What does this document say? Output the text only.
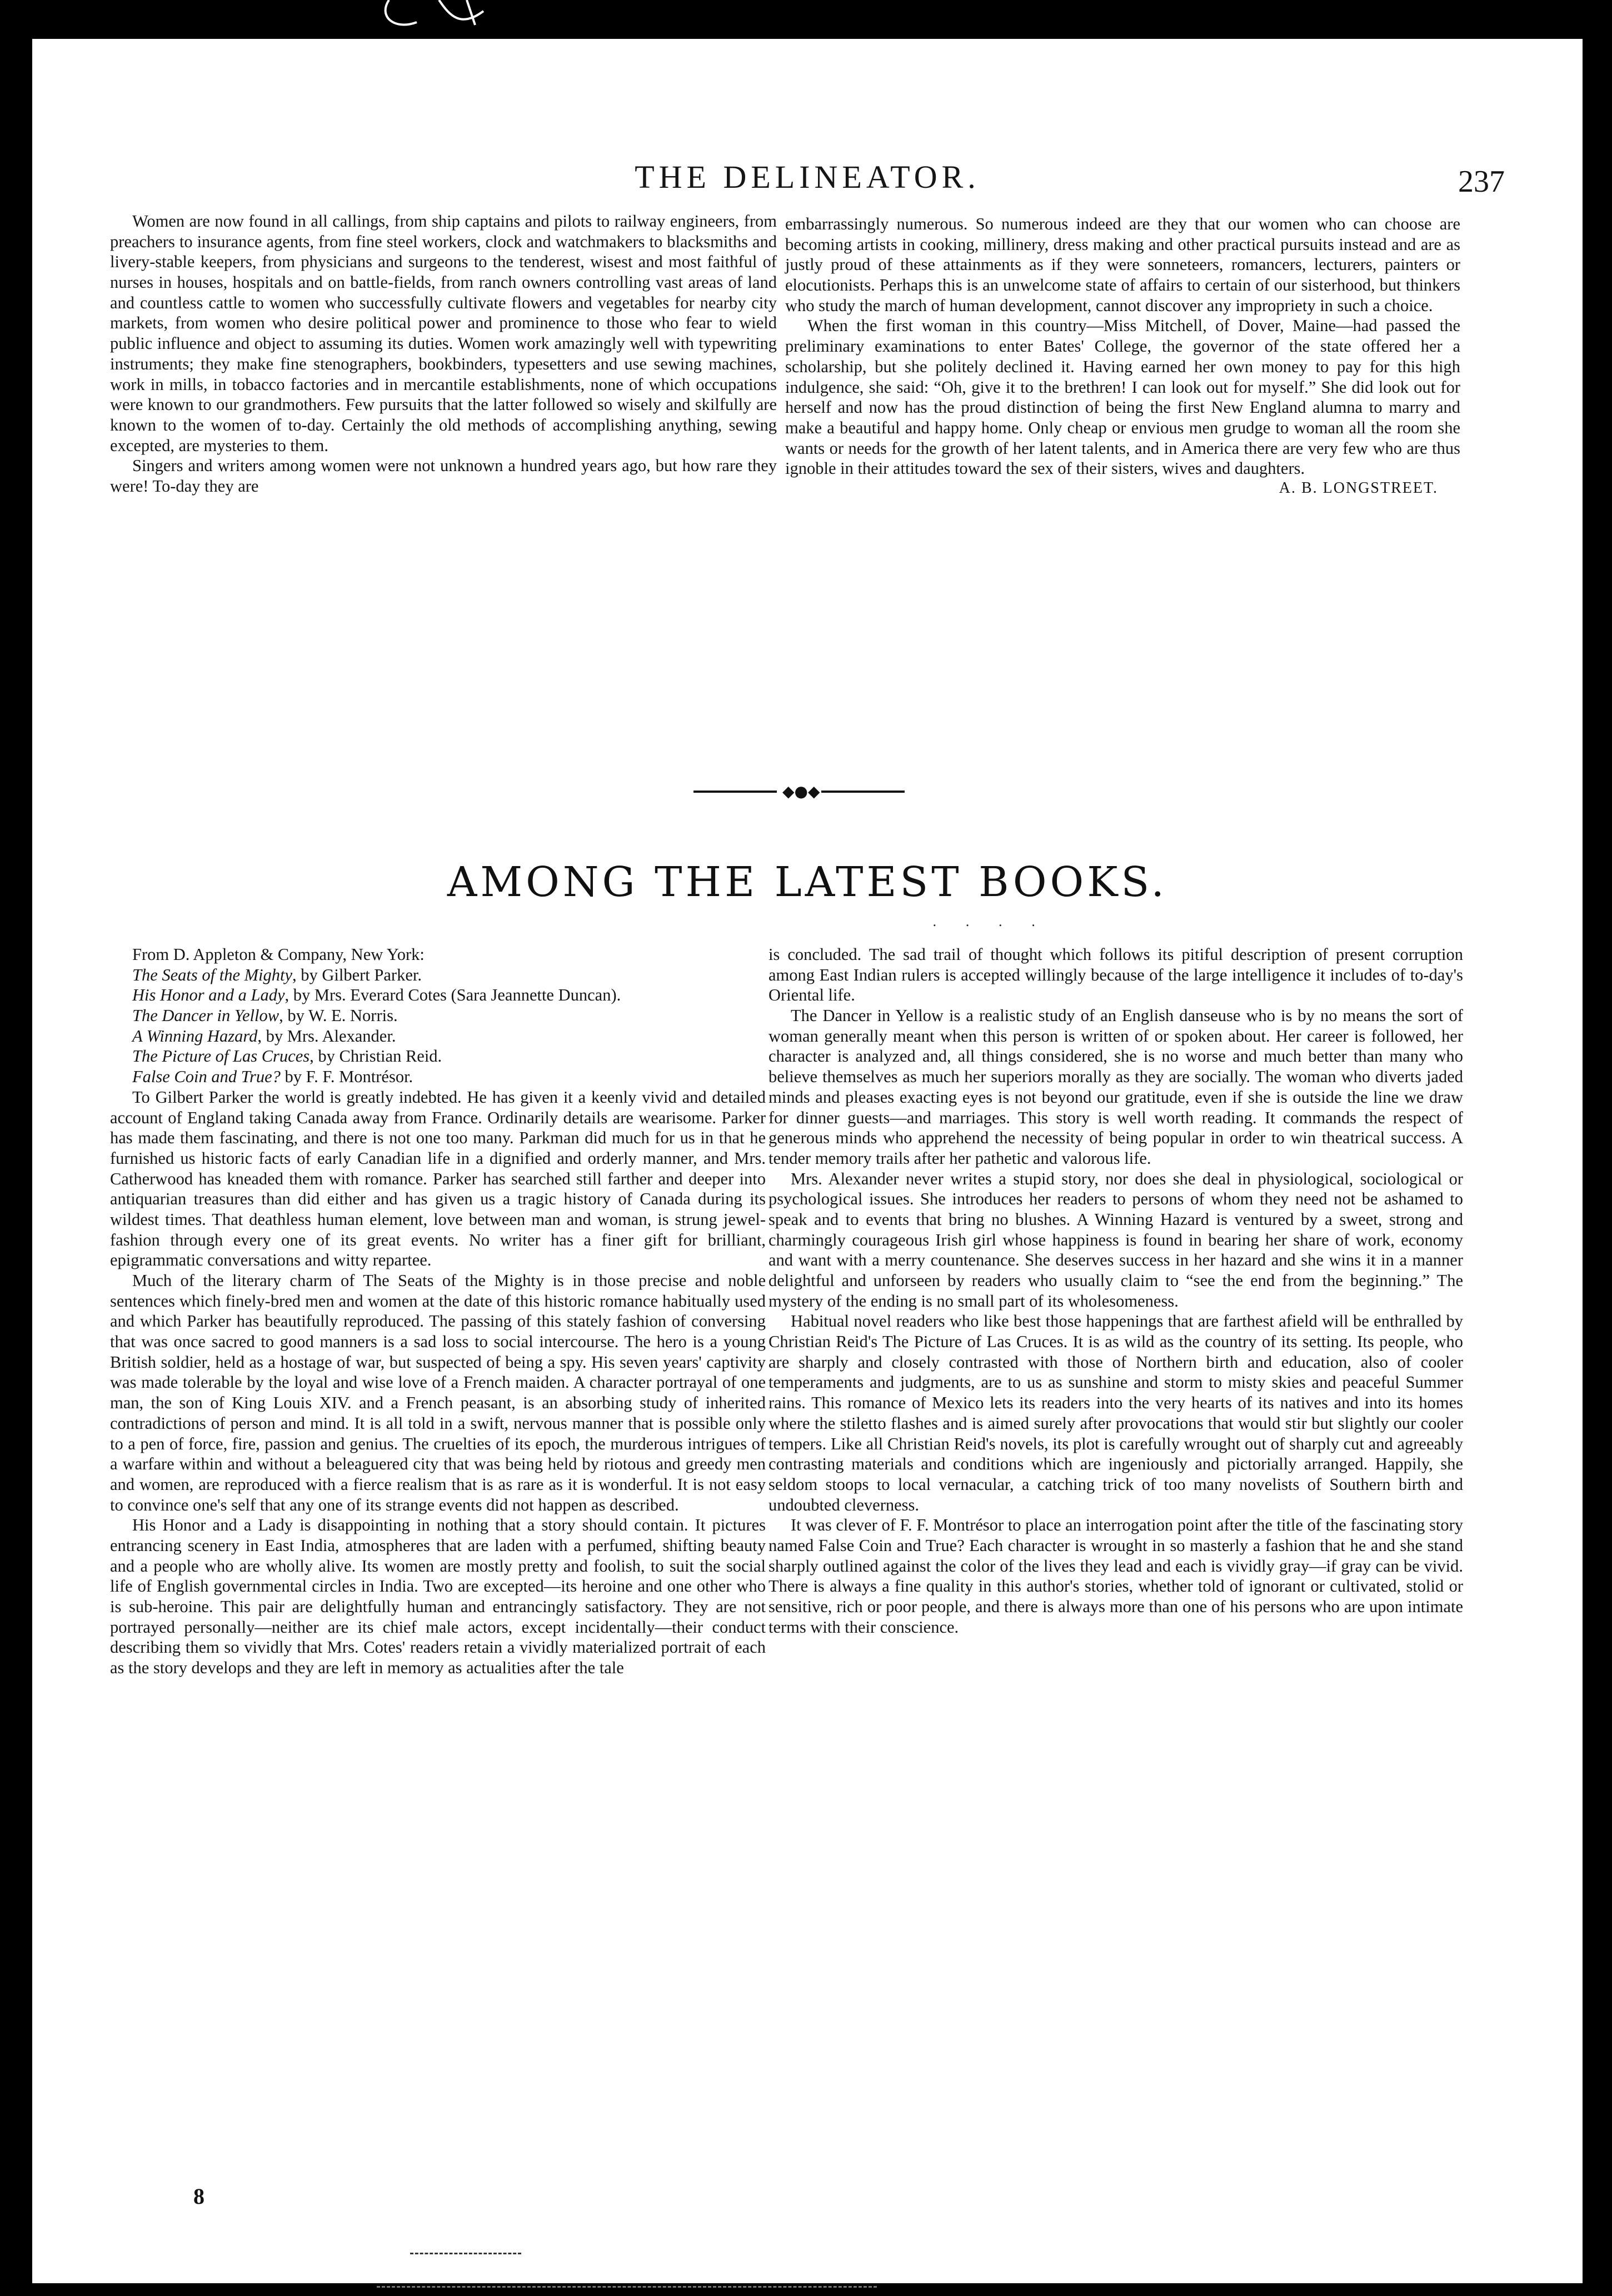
THE DELINEATOR.	237

Women are now found in all callings, from ship captains and pilots to railway engineers, from preachers to insurance agents, from fine steel workers, clock and watchmakers to blacksmiths and livery-stable keepers, from physicians and surgeons to the tenderest, wisest and most faithful of nurses in houses, hospitals and on battle-fields, from ranch owners controlling vast areas of land and countless cattle to women who successfully cultivate flowers and vegetables for nearby city markets, from women who desire political power and prominence to those who fear to wield public influence and object to assuming its duties. Women work amazingly well with typewriting instruments; they make fine stenographers, bookbinders, typesetters and use sewing machines, work in mills, in tobacco factories and in mercantile establishments, none of which occupations were known to our grandmothers. Few pursuits that the latter followed so wisely and skilfully are known to the women of to-day. Certainly the old methods of accomplishing anything, sewing excepted, are mysteries to them.

Singers and writers among women were not unknown a hundred years ago, but how rare they were! To-day they are

embarrassingly numerous. So numerous indeed are they that our women who can choose are becoming artists in cooking, millinery, dress making and other practical pursuits instead and are as justly proud of these attainments as if they were sonneteers, romancers, lecturers, painters or elocutionists. Perhaps this is an unwelcome state of affairs to certain of our sisterhood, but thinkers who study the march of human development, cannot discover any impropriety in such a choice.

When the first woman in this country—Miss Mitchell, of Dover, Maine—had passed the preliminary examinations to enter Bates' College, the governor of the state offered her a scholarship, but she politely declined it. Having earned her own money to pay for this high indulgence, she said: “Oh, give it to the brethren! I can look out for myself.” She did look out for herself and now has the proud distinction of being the first New England alumna to marry and make a beautiful and happy home. Only cheap or envious men grudge to woman all the room she wants or needs for the growth of her latent talents, and in America there are very few who are thus ignoble in their attitudes toward the sex of their sisters, wives and daughters.

A. B. LONGSTREET.
◆●◆
AMONG THE LATEST BOOKS.
. . . .

From D. Appleton & Company, New York:

The Seats of the Mighty, by Gilbert Parker.

His Honor and a Lady, by Mrs. Everard Cotes (Sara Jeannette Duncan).

The Dancer in Yellow, by W. E. Norris.

A Winning Hazard, by Mrs. Alexander.

The Picture of Las Cruces, by Christian Reid.

False Coin and True? by F. F. Montrésor.

To Gilbert Parker the world is greatly indebted. He has given it a keenly vivid and detailed account of England taking Canada away from France. Ordinarily details are wearisome. Parker has made them fascinating, and there is not one too many. Parkman did much for us in that he furnished us historic facts of early Canadian life in a dignified and orderly manner, and Mrs. Catherwood has kneaded them with romance. Parker has searched still farther and deeper into antiquarian treasures than did either and has given us a tragic history of Canada during its wildest times. That deathless human element, love between man and woman, is strung jewel-fashion through every one of its great events. No writer has a finer gift for brilliant, epigrammatic conversations and witty repartee.

Much of the literary charm of The Seats of the Mighty is in those precise and noble sentences which finely-bred men and women at the date of this historic romance habitually used and which Parker has beautifully reproduced. The passing of this stately fashion of conversing that was once sacred to good manners is a sad loss to social intercourse. The hero is a young British soldier, held as a hostage of war, but suspected of being a spy. His seven years' captivity was made tolerable by the loyal and wise love of a French maiden. A character portrayal of one man, the son of King Louis XIV. and a French peasant, is an absorbing study of inherited contradictions of person and mind. It is all told in a swift, nervous manner that is possible only to a pen of force, fire, passion and genius. The cruelties of its epoch, the murderous intrigues of a warfare within and without a beleaguered city that was being held by riotous and greedy men and women, are reproduced with a fierce realism that is as rare as it is wonderful. It is not easy to convince one's self that any one of its strange events did not happen as described.

His Honor and a Lady is disappointing in nothing that a story should contain. It pictures entrancing scenery in East India, atmospheres that are laden with a perfumed, shifting beauty and a people who are wholly alive. Its women are mostly pretty and foolish, to suit the social life of English governmental circles in India. Two are excepted—its heroine and one other who is sub-heroine. This pair are delightfully human and entrancingly satisfactory. They are not portrayed personally—neither are its chief male actors, except incidentally—their conduct describing them so vividly that Mrs. Cotes' readers retain a vividly materialized portrait of each as the story develops and they are left in memory as actualities after the tale

is concluded. The sad trail of thought which follows its pitiful description of present corruption among East Indian rulers is accepted willingly because of the large intelligence it includes of to-day's Oriental life.

The Dancer in Yellow is a realistic study of an English danseuse who is by no means the sort of woman generally meant when this person is written of or spoken about. Her career is followed, her character is analyzed and, all things considered, she is no worse and much better than many who believe themselves as much her superiors morally as they are socially. The woman who diverts jaded minds and pleases exacting eyes is not beyond our gratitude, even if she is outside the line we draw for dinner guests—and marriages. This story is well worth reading. It commands the respect of generous minds who apprehend the necessity of being popular in order to win theatrical success. A tender memory trails after her pathetic and valorous life.

Mrs. Alexander never writes a stupid story, nor does she deal in physiological, sociological or psychological issues. She introduces her readers to persons of whom they need not be ashamed to speak and to events that bring no blushes. A Winning Hazard is ventured by a sweet, strong and charmingly courageous Irish girl whose happiness is found in bearing her share of work, economy and want with a merry countenance. She deserves success in her hazard and she wins it in a manner delightful and unforseen by readers who usually claim to “see the end from the beginning.” The mystery of the ending is no small part of its wholesomeness.

Habitual novel readers who like best those happenings that are farthest afield will be enthralled by Christian Reid's The Picture of Las Cruces. It is as wild as the country of its setting. Its people, who are sharply and closely contrasted with those of Northern birth and education, also of cooler temperaments and judgments, are to us as sunshine and storm to misty skies and peaceful Summer rains. This romance of Mexico lets its readers into the very hearts of its natives and into its homes where the stiletto flashes and is aimed surely after provocations that would stir but slightly our cooler tempers. Like all Christian Reid's novels, its plot is carefully wrought out of sharply cut and agreeably contrasting materials and conditions which are ingeniously and pictorially arranged. Happily, she seldom stoops to local vernacular, a catching trick of too many novelists of Southern birth and undoubted cleverness.

It was clever of F. F. Montrésor to place an interrogation point after the title of the fascinating story named False Coin and True? Each character is wrought in so masterly a fashion that he and she stand sharply outlined against the color of the lives they lead and each is vividly gray—if gray can be vivid. There is always a fine quality in this author's stories, whether told of ignorant or cultivated, stolid or sensitive, rich or poor people, and there is always more than one of his persons who are upon intimate terms with their conscience.

8
